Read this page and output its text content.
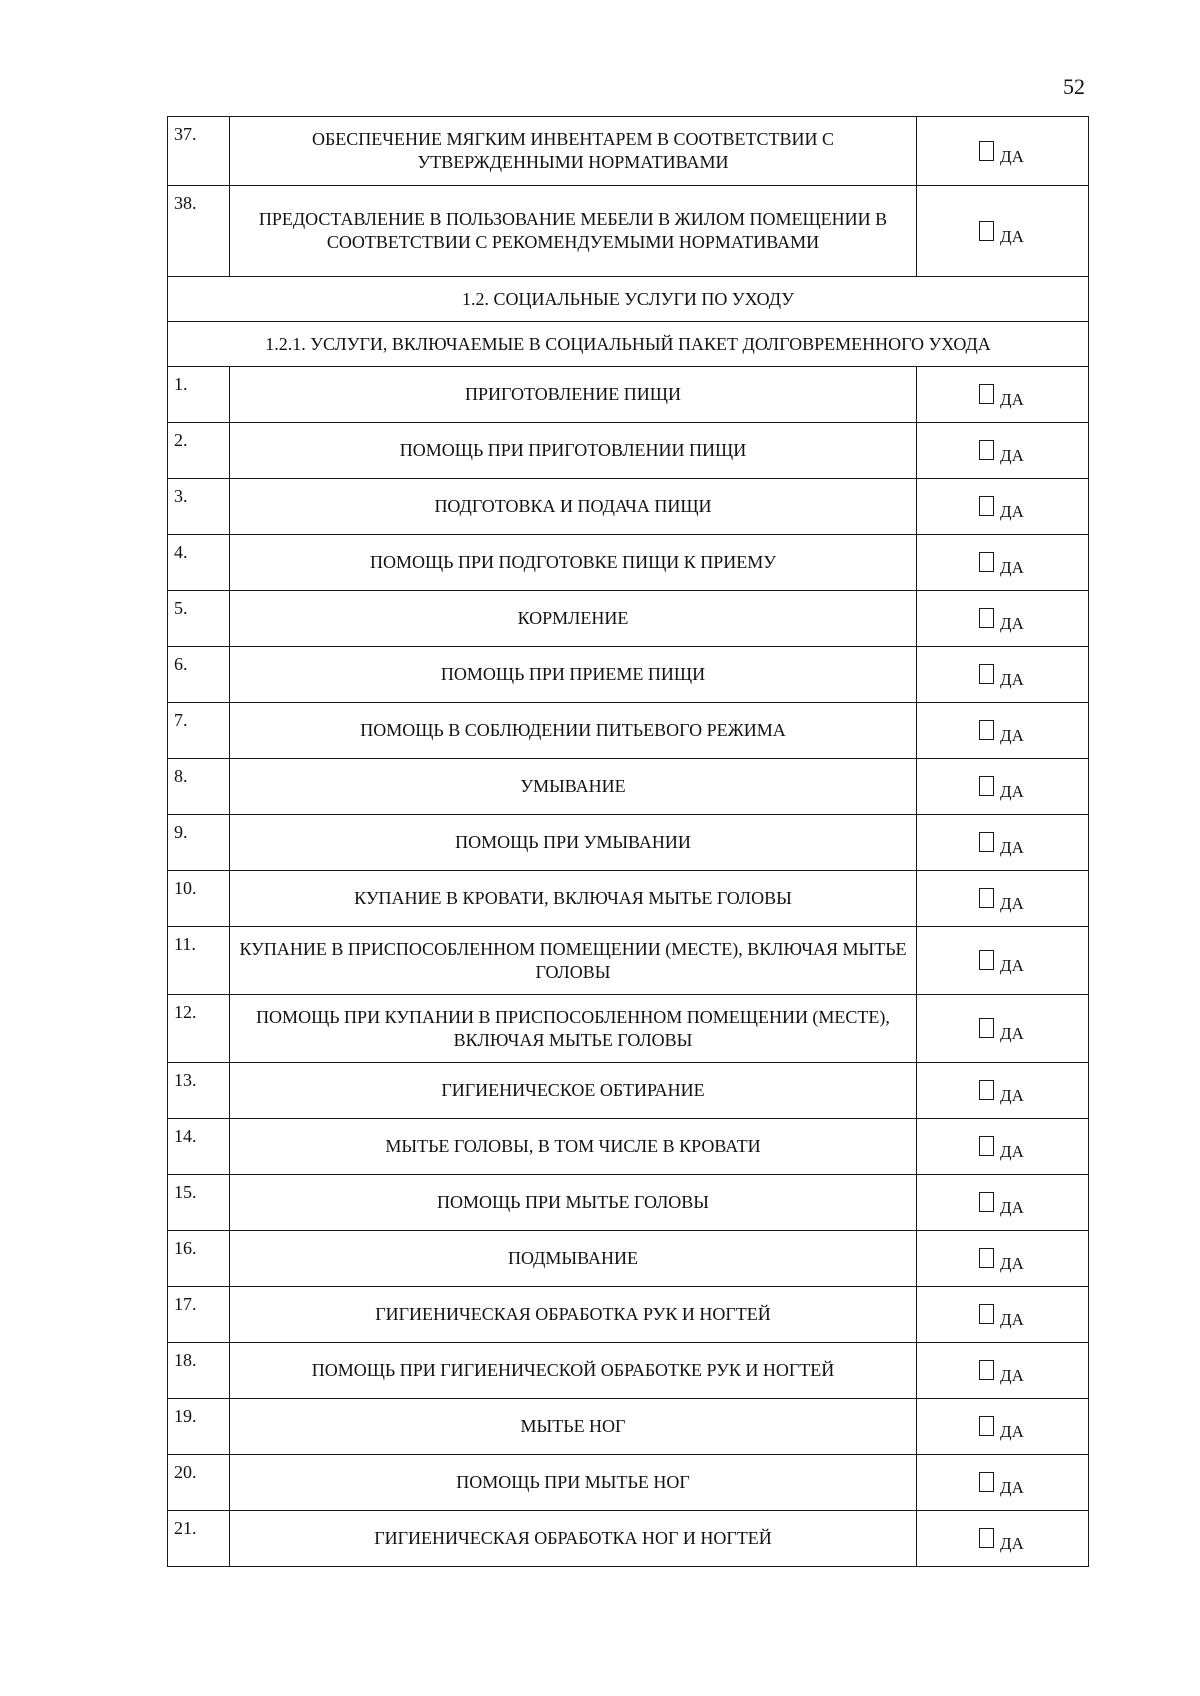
52
37.	ОБЕСПЕЧЕНИЕ МЯГКИМ ИНВЕНТАРЕМ В СООТВЕТСТВИИ С УТВЕРЖДЕННЫМИ НОРМАТИВАМИ	ДА
38.	ПРЕДОСТАВЛЕНИЕ В ПОЛЬЗОВАНИЕ МЕБЕЛИ В ЖИЛОМ ПОМЕЩЕНИИ В СООТВЕТСТВИИ С РЕКОМЕНДУЕМЫМИ НОРМАТИВАМИ	ДА
1.2. СОЦИАЛЬНЫЕ УСЛУГИ ПО УХОДУ		
1.2.1. УСЛУГИ, ВКЛЮЧАЕМЫЕ В СОЦИАЛЬНЫЙ ПАКЕТ ДОЛГОВРЕМЕННОГО УХОДА		
1.	ПРИГОТОВЛЕНИЕ ПИЩИ	ДА
2.	ПОМОЩЬ ПРИ ПРИГОТОВЛЕНИИ ПИЩИ	ДА
3.	ПОДГОТОВКА И ПОДАЧА ПИЩИ	ДА
4.	ПОМОЩЬ ПРИ ПОДГОТОВКЕ ПИЩИ К ПРИЕМУ	ДА
5.	КОРМЛЕНИЕ	ДА
6.	ПОМОЩЬ ПРИ ПРИЕМЕ ПИЩИ	ДА
7.	ПОМОЩЬ В СОБЛЮДЕНИИ ПИТЬЕВОГО РЕЖИМА	ДА
8.	УМЫВАНИЕ	ДА
9.	ПОМОЩЬ ПРИ УМЫВАНИИ	ДА
10.	КУПАНИЕ В КРОВАТИ, ВКЛЮЧАЯ МЫТЬЕ ГОЛОВЫ	ДА
11.	КУПАНИЕ В ПРИСПОСОБЛЕННОМ ПОМЕЩЕНИИ (МЕСТЕ), ВКЛЮЧАЯ МЫТЬЕ ГОЛОВЫ	ДА
12.	ПОМОЩЬ ПРИ КУПАНИИ В ПРИСПОСОБЛЕННОМ ПОМЕЩЕНИИ (МЕСТЕ), ВКЛЮЧАЯ МЫТЬЕ ГОЛОВЫ	ДА
13.	ГИГИЕНИЧЕСКОЕ ОБТИРАНИЕ	ДА
14.	МЫТЬЕ ГОЛОВЫ, В ТОМ ЧИСЛЕ В КРОВАТИ	ДА
15.	ПОМОЩЬ ПРИ МЫТЬЕ ГОЛОВЫ	ДА
16.	ПОДМЫВАНИЕ	ДА
17.	ГИГИЕНИЧЕСКАЯ ОБРАБОТКА РУК И НОГТЕЙ	ДА
18.	ПОМОЩЬ ПРИ ГИГИЕНИЧЕСКОЙ ОБРАБОТКЕ РУК И НОГТЕЙ	ДА
19.	МЫТЬЕ НОГ	ДА
20.	ПОМОЩЬ ПРИ МЫТЬЕ НОГ	ДА
21.	ГИГИЕНИЧЕСКАЯ ОБРАБОТКА НОГ И НОГТЕЙ	ДА
